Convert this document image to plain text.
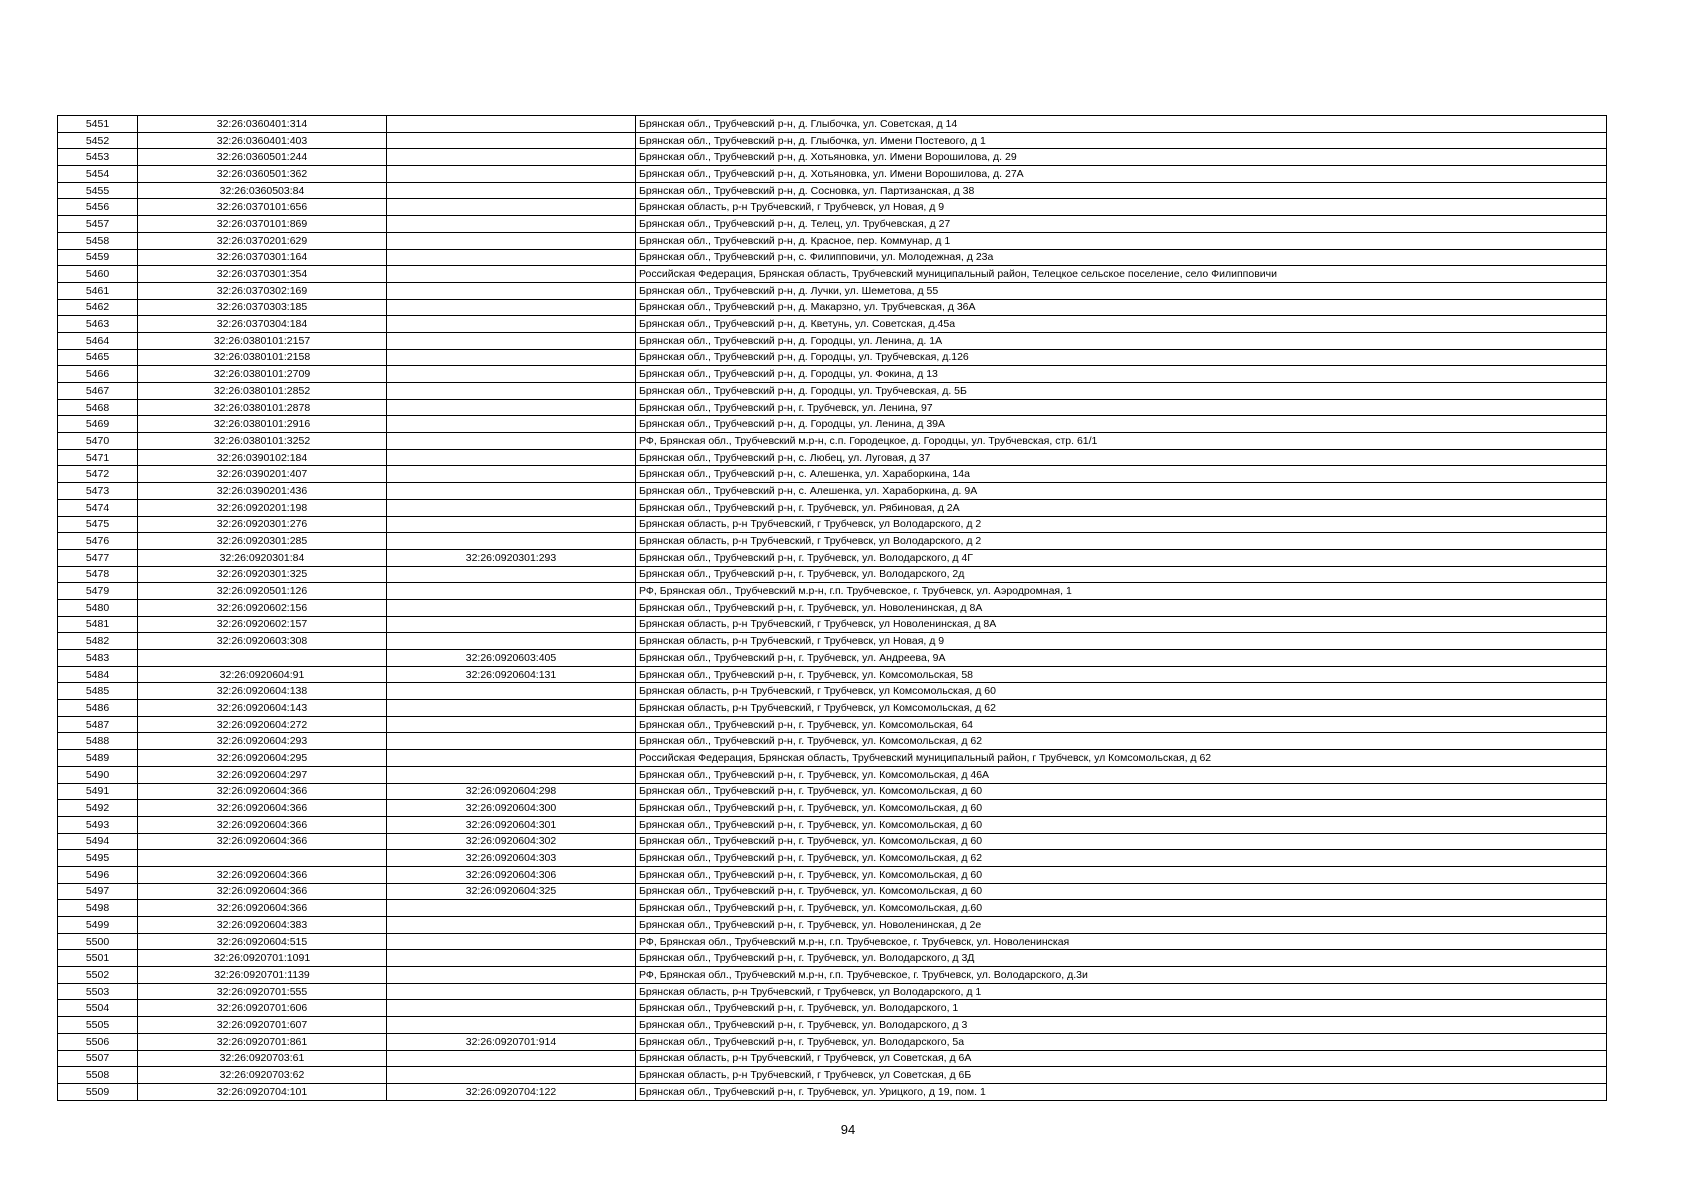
5451	32:26:0360401:314		Брянская обл., Трубчевский р-н, д. Глыбочка, ул. Советская, д 14
5452	32:26:0360401:403		Брянская обл., Трубчевский р-н, д. Глыбочка, ул. Имени Постевого, д 1
5453	32:26:0360501:244		Брянская обл., Трубчевский р-н, д. Хотьяновка, ул. Имени Ворошилова, д. 29
5454	32:26:0360501:362		Брянская обл., Трубчевский р-н, д. Хотьяновка, ул. Имени Ворошилова, д. 27А
5455	32:26:0360503:84		Брянская обл., Трубчевский р-н, д. Сосновка, ул. Партизанская, д 38
5456	32:26:0370101:656		Брянская область, р-н Трубчевский, г Трубчевск, ул Новая, д 9
5457	32:26:0370101:869		Брянская обл., Трубчевский р-н, д. Телец, ул. Трубчевская, д 27
5458	32:26:0370201:629		Брянская обл., Трубчевский р-н, д. Красное, пер. Коммунар, д 1
5459	32:26:0370301:164		Брянская обл., Трубчевский р-н, с. Филипповичи, ул. Молодежная, д 23а
5460	32:26:0370301:354		Российская Федерация, Брянская область, Трубчевский муниципальный район, Телецкое сельское поселение, село Филипповичи
5461	32:26:0370302:169		Брянская обл., Трубчевский р-н, д. Лучки, ул. Шеметова, д 55
5462	32:26:0370303:185		Брянская обл., Трубчевский р-н, д. Макарзно, ул. Трубчевская, д 36А
5463	32:26:0370304:184		Брянская обл., Трубчевский р-н, д. Кветунь, ул. Советская, д.45а
5464	32:26:0380101:2157		Брянская обл., Трубчевский р-н, д. Городцы, ул. Ленина, д. 1А
5465	32:26:0380101:2158		Брянская обл., Трубчевский р-н, д. Городцы, ул. Трубчевская, д.126
5466	32:26:0380101:2709		Брянская обл., Трубчевский р-н, д. Городцы, ул. Фокина, д 13
5467	32:26:0380101:2852		Брянская обл., Трубчевский р-н, д. Городцы, ул. Трубчевская, д. 5Б
5468	32:26:0380101:2878		Брянская обл., Трубчевский р-н, г. Трубчевск, ул. Ленина, 97
5469	32:26:0380101:2916		Брянская обл., Трубчевский р-н, д. Городцы, ул. Ленина, д 39А
5470	32:26:0380101:3252		РФ, Брянская обл., Трубчевский м.р-н, с.п. Городецкое, д. Городцы, ул. Трубчевская, стр. 61/1
5471	32:26:0390102:184		Брянская обл., Трубчевский р-н, с. Любец, ул. Луговая, д 37
5472	32:26:0390201:407		Брянская обл., Трубчевский р-н, с. Алешенка, ул. Хараборкина, 14а
5473	32:26:0390201:436		Брянская обл., Трубчевский р-н, с. Алешенка, ул. Хараборкина, д. 9А
5474	32:26:0920201:198		Брянская обл., Трубчевский р-н, г. Трубчевск, ул. Рябиновая, д 2А
5475	32:26:0920301:276		Брянская область, р-н Трубчевский, г Трубчевск, ул Володарского, д 2
5476	32:26:0920301:285		Брянская область, р-н Трубчевский, г Трубчевск, ул Володарского, д 2
5477	32:26:0920301:84	32:26:0920301:293	Брянская обл., Трубчевский р-н, г. Трубчевск, ул. Володарского, д 4Г
5478	32:26:0920301:325		Брянская обл., Трубчевский р-н, г. Трубчевск, ул. Володарского, 2д
5479	32:26:0920501:126		РФ, Брянская обл., Трубчевский м.р-н, г.п. Трубчевское, г. Трубчевск, ул. Аэродромная, 1
5480	32:26:0920602:156		Брянская обл., Трубчевский р-н, г. Трубчевск, ул. Новоленинская, д 8А
5481	32:26:0920602:157		Брянская область, р-н Трубчевский, г Трубчевск, ул Новоленинская, д 8А
5482	32:26:0920603:308		Брянская область, р-н Трубчевский, г Трубчевск, ул Новая, д 9
5483		32:26:0920603:405	Брянская обл., Трубчевский р-н, г. Трубчевск, ул. Андреева, 9А
5484	32:26:0920604:91	32:26:0920604:131	Брянская обл., Трубчевский р-н, г. Трубчевск, ул. Комсомольская, 58
5485	32:26:0920604:138		Брянская область, р-н Трубчевский, г Трубчевск, ул Комсомольская, д 60
5486	32:26:0920604:143		Брянская область, р-н Трубчевский, г Трубчевск, ул Комсомольская, д 62
5487	32:26:0920604:272		Брянская обл., Трубчевский р-н, г. Трубчевск, ул. Комсомольская, 64
5488	32:26:0920604:293		Брянская обл., Трубчевский р-н, г. Трубчевск, ул. Комсомольская, д 62
5489	32:26:0920604:295		Российская Федерация, Брянская область, Трубчевский муниципальный район, г Трубчевск, ул Комсомольская, д 62
5490	32:26:0920604:297		Брянская обл., Трубчевский р-н, г. Трубчевск, ул. Комсомольская, д 46А
5491	32:26:0920604:366	32:26:0920604:298	Брянская обл., Трубчевский р-н, г. Трубчевск, ул. Комсомольская, д 60
5492	32:26:0920604:366	32:26:0920604:300	Брянская обл., Трубчевский р-н, г. Трубчевск, ул. Комсомольская, д 60
5493	32:26:0920604:366	32:26:0920604:301	Брянская обл., Трубчевский р-н, г. Трубчевск, ул. Комсомольская, д 60
5494	32:26:0920604:366	32:26:0920604:302	Брянская обл., Трубчевский р-н, г. Трубчевск, ул. Комсомольская, д 60
5495		32:26:0920604:303	Брянская обл., Трубчевский р-н, г. Трубчевск, ул. Комсомольская, д 62
5496	32:26:0920604:366	32:26:0920604:306	Брянская обл., Трубчевский р-н, г. Трубчевск, ул. Комсомольская, д 60
5497	32:26:0920604:366	32:26:0920604:325	Брянская обл., Трубчевский р-н, г. Трубчевск, ул. Комсомольская, д 60
5498	32:26:0920604:366		Брянская обл., Трубчевский р-н, г. Трубчевск, ул. Комсомольская, д.60
5499	32:26:0920604:383		Брянская обл., Трубчевский р-н, г. Трубчевск, ул. Новоленинская, д 2е
5500	32:26:0920604:515		РФ, Брянская обл., Трубчевский м.р-н, г.п. Трубчевское, г. Трубчевск, ул. Новоленинская
5501	32:26:0920701:1091		Брянская обл., Трубчевский р-н, г. Трубчевск, ул. Володарского, д 3Д
5502	32:26:0920701:1139		РФ, Брянская обл., Трубчевский м.р-н, г.п. Трубчевское, г. Трубчевск, ул. Володарского, д.3и
5503	32:26:0920701:555		Брянская область, р-н Трубчевский, г Трубчевск, ул Володарского, д 1
5504	32:26:0920701:606		Брянская обл., Трубчевский р-н, г. Трубчевск, ул. Володарского, 1
5505	32:26:0920701:607		Брянская обл., Трубчевский р-н, г. Трубчевск, ул. Володарского, д 3
5506	32:26:0920701:861	32:26:0920701:914	Брянская обл., Трубчевский р-н, г. Трубчевск, ул. Володарского, 5а
5507	32:26:0920703:61		Брянская область, р-н Трубчевский, г Трубчевск, ул Советская, д 6А
5508	32:26:0920703:62		Брянская область, р-н Трубчевский, г Трубчевск, ул Советская, д 6Б
5509	32:26:0920704:101	32:26:0920704:122	Брянская обл., Трубчевский р-н, г. Трубчевск, ул. Урицкого, д 19, пом. 1
94
